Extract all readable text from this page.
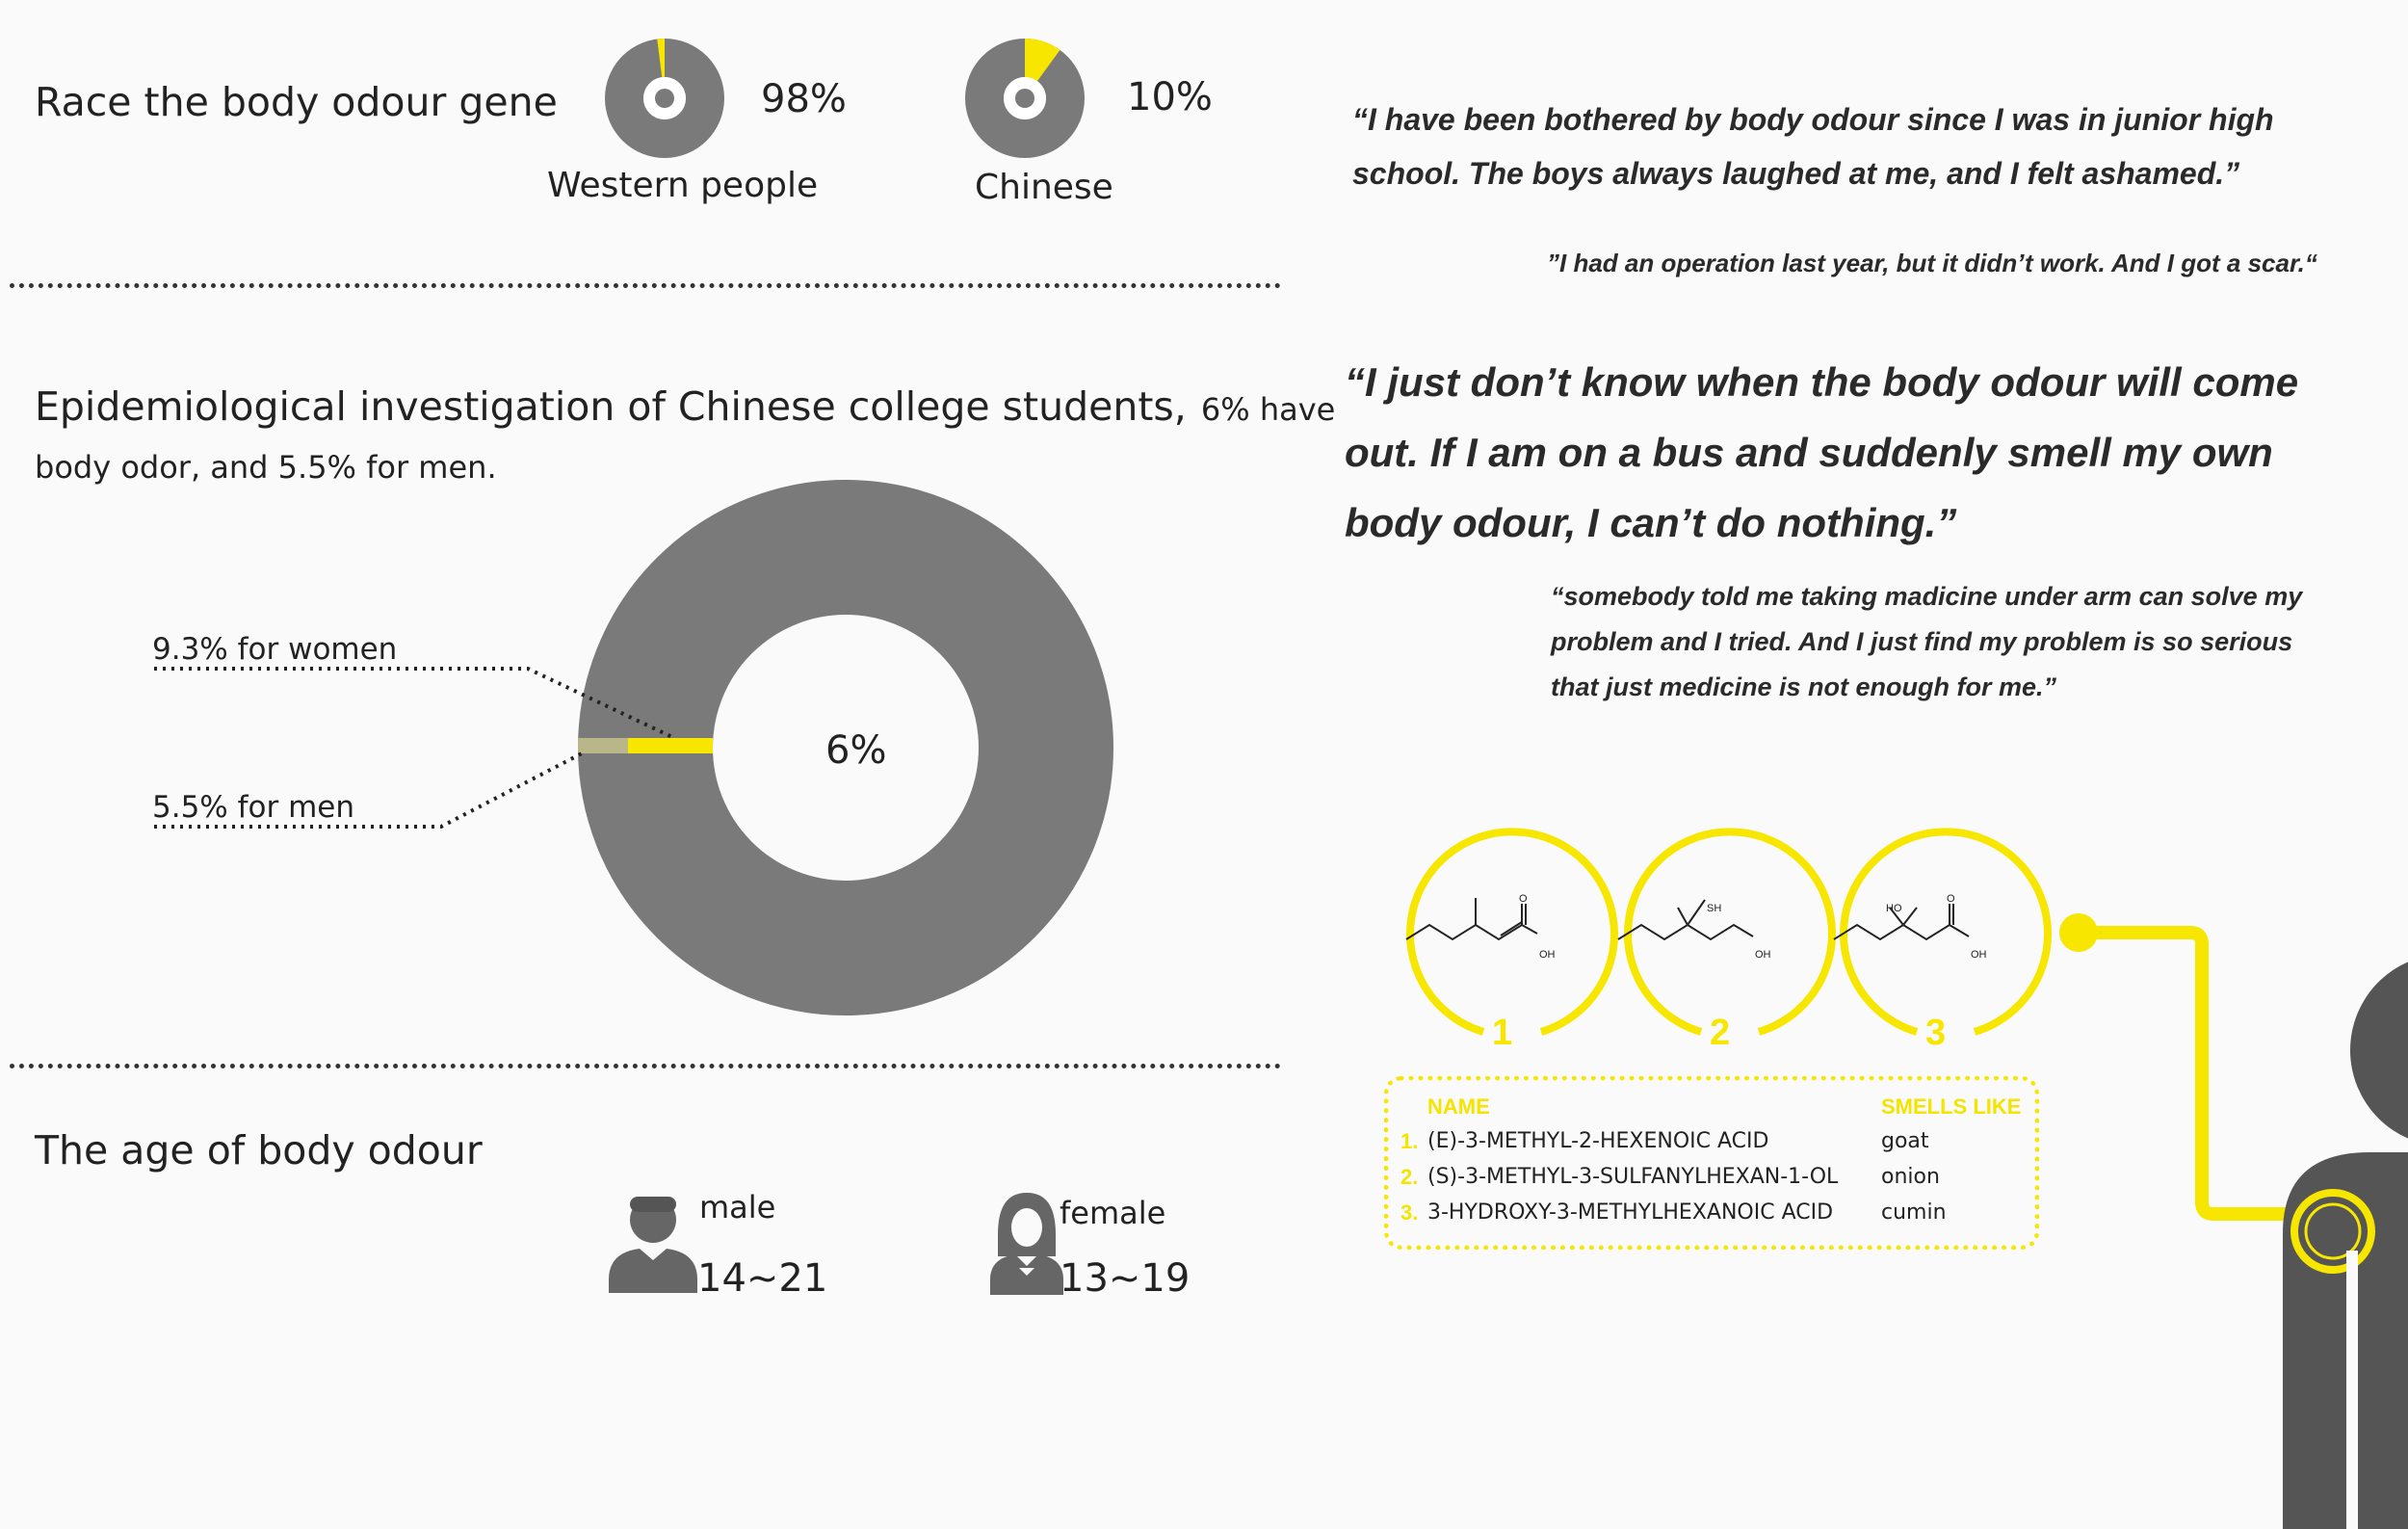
Race the body odour gene	98%
Western people
10%
Chinese
Epidemiological investigation of Chinese college students, 6% have
body odor, and 5.5% for men.
9.3% for women
5.5% for men
6%
The age of body odour
male
14~21
female
13~19
“I have been bothered by body odour since I was in junior high
school. The boys always laughed at me, and I felt ashamed.”
”I had an operation last year, but it didn’t work. And I got a scar.“
“I just don’t know when the body odour will come
out. If I am on a bus and suddenly smell my own
body odour, I can’t do nothing.”
“somebody told me taking madicine under arm can solve my
problem and I tried. And I just find my problem is so serious
that just medicine is not enough for me.”
1
O
OH
2
SH
OH
3
HO
O
OH
NAME	SMELLS LIKE
1. (E)-3-METHYL-2-HEXENOIC ACID	goat
2. (S)-3-METHYL-3-SULFANYLHEXAN-1-OL onion
3. 3-HYDROXY-3-METHYLHEXANOIC ACID cumin
